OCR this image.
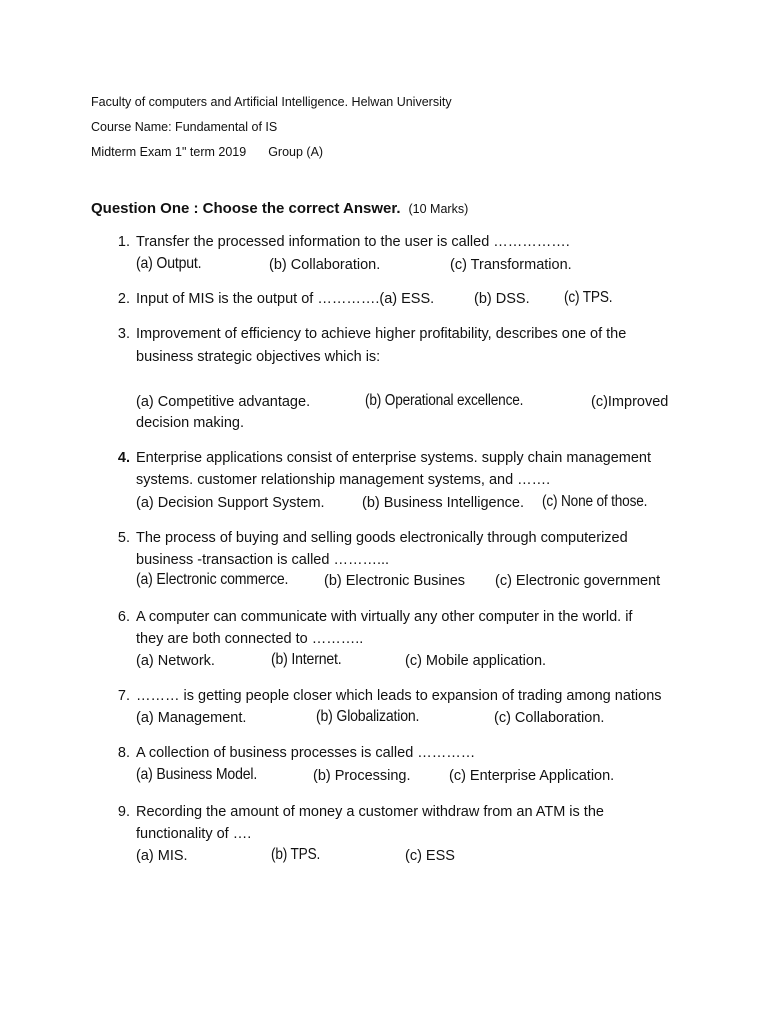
Faculty of computers and Artificial Intelligence. Helwan University
Course Name: Fundamental of IS
Midterm Exam 1" term 2019 Group (A)
Question One : Choose the correct Answer. (10 Marks)
1. Transfer the processed information to the user is called …………….
(a) Output.	(b) Collaboration.	(c) Transformation.
2. Input of MIS is the output of ………….(a) ESS.	(b) DSS. (c) TPS.
3. Improvement of efficiency to achieve higher profitability, describes one of the
business strategic objectives which is:
(a) Competitive advantage.	(b) Operational excellence.	(c)Improved
decision making.
4. Enterprise applications consist of enterprise systems. supply chain management
systems. customer relationship management systems, and …….
(a) Decision Support System.	(b) Business Intelligence. (c) None of those.
5. The process of buying and selling goods electronically through computerized
business -transaction is called ………...
(a) Electronic commerce. (b) Electronic Busines (c) Electronic government
6. A computer can communicate with virtually any other computer in the world. if
they are both connected to ………..
(a) Network.	(b) Internet.	(c) Mobile application.
7. ……… is getting people closer which leads to expansion of trading among nations
(a) Management.	(b) Globalization.	(c) Collaboration.
8. A collection of business processes is called …………
(a) Business Model.	(b) Processing.	(c) Enterprise Application.
9. Recording the amount of money a customer withdraw from an ATM is the
functionality of ….
(a) MIS.	(b) TPS.	(c) ESS
